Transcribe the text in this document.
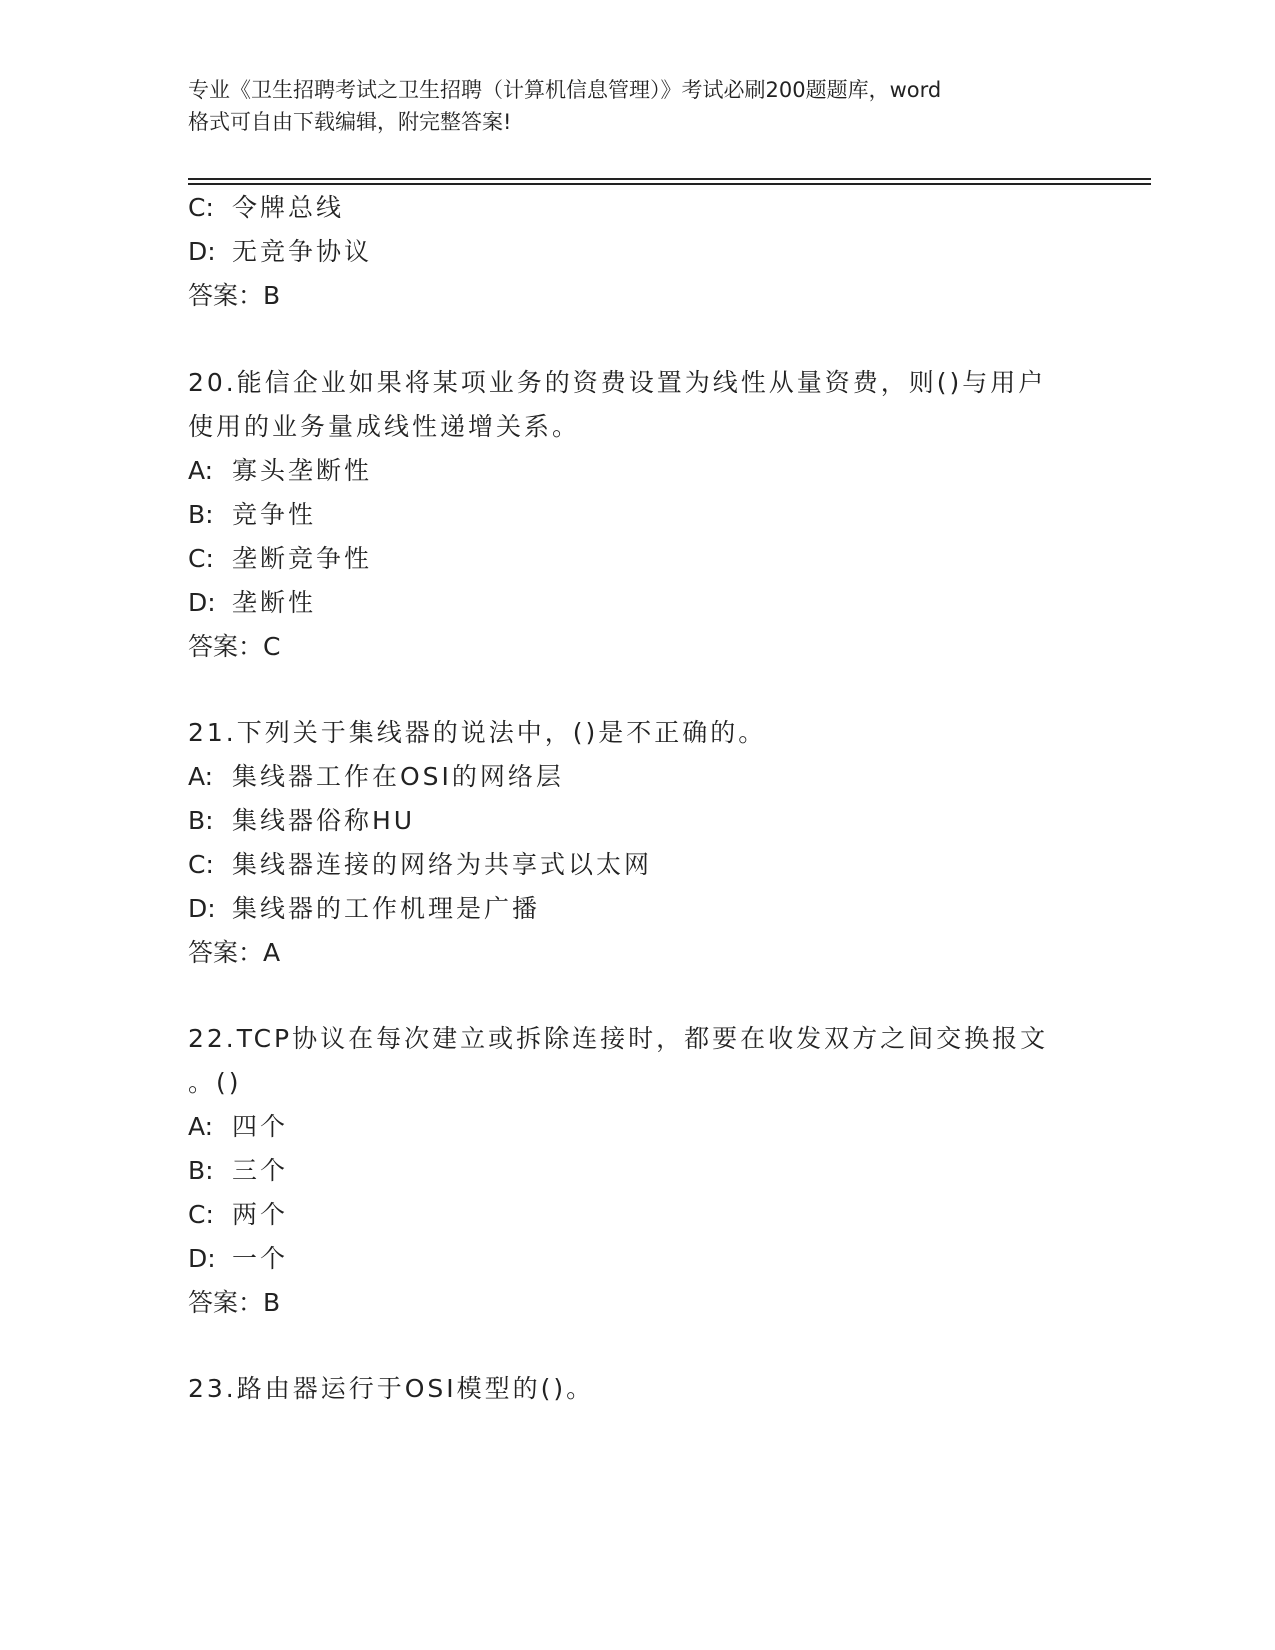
专业《卫生招聘考试之卫生招聘（计算机信息管理）》考试必刷200题题库，word
格式可自由下载编辑，附完整答案!
C: 令牌总线
D: 无竞争协议
答案：B
20.能信企业如果将某项业务的资费设置为线性从量资费，则()与用户
使用的业务量成线性递增关系。
A: 寡头垄断性
B: 竞争性
C: 垄断竞争性
D: 垄断性
答案：C
21.下列关于集线器的说法中，()是不正确的。
A: 集线器工作在OSI的网络层
B: 集线器俗称HU
C: 集线器连接的网络为共享式以太网
D: 集线器的工作机理是广播
答案：A
22.TCP协议在每次建立或拆除连接时，都要在收发双方之间交换报文
。()
A: 四个
B: 三个
C: 两个
D: 一个
答案：B
23.路由器运行于OSI模型的()。
